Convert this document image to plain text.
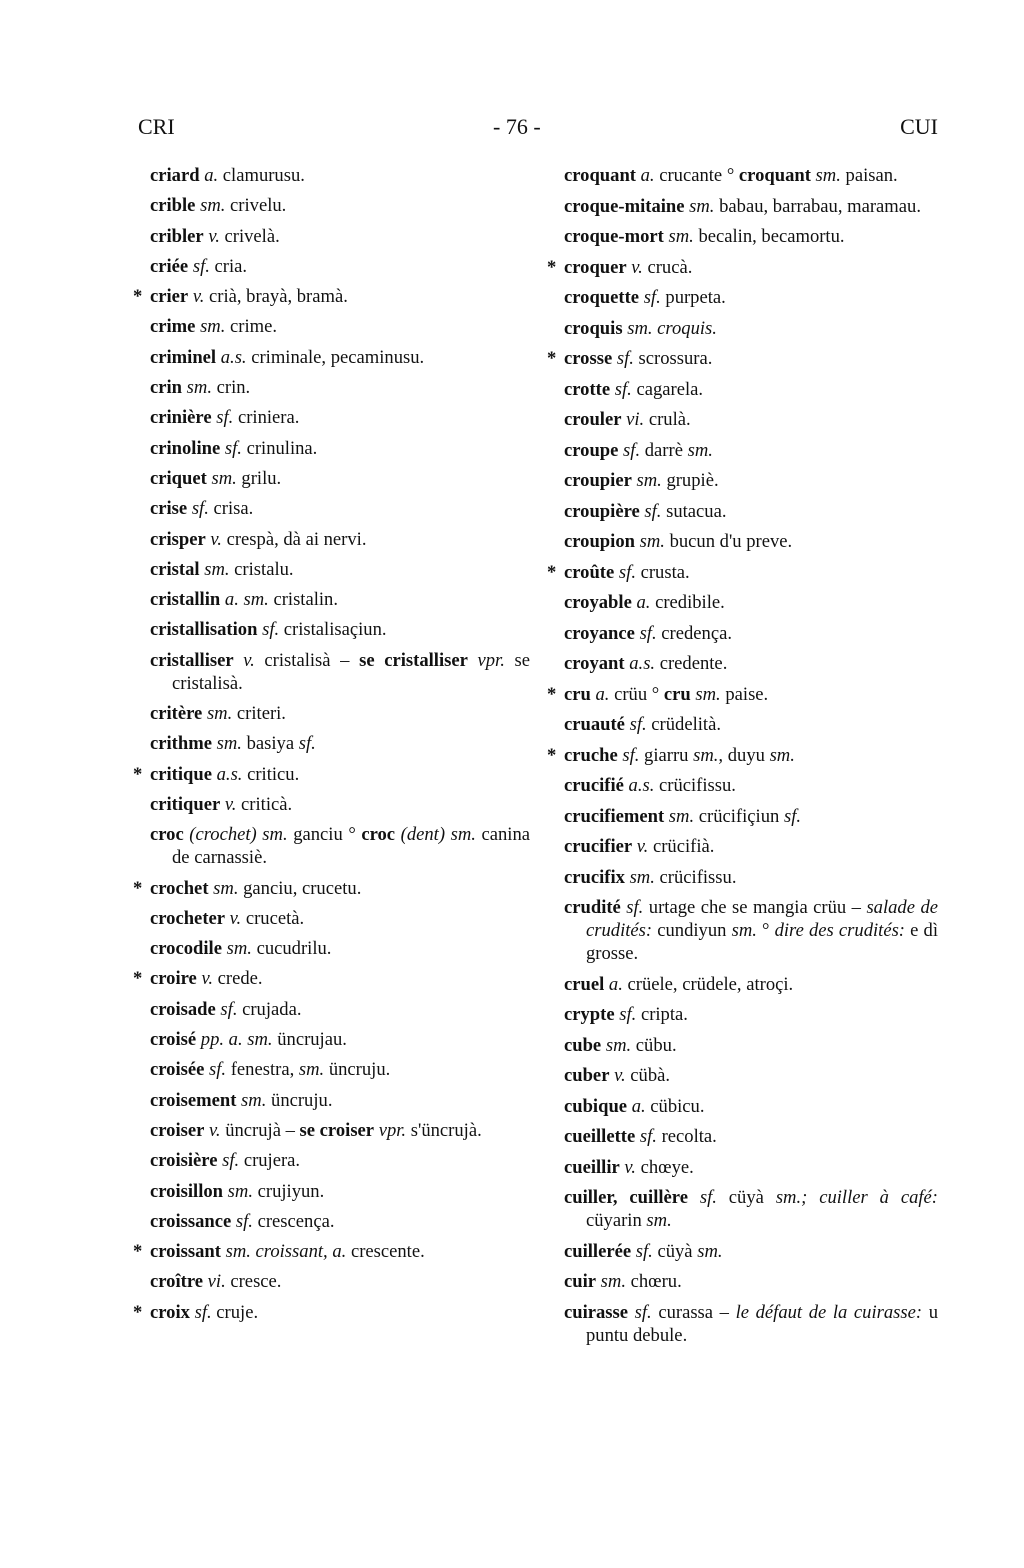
CRI	- 76 -	CUI
criard a. clamurusu.
crible sm. crivelu.
cribler v. crivelà.
criée sf. cria.
* crier v. crià, brayà, bramà.
crime sm. crime.
criminel a.s. criminale, pecaminusu.
crin sm. crin.
crinière sf. criniera.
crinoline sf. crinulina.
criquet sm. grilu.
crise sf. crisa.
crisper v. crespà, dà ai nervi.
cristal sm. cristalu.
cristallin a. sm. cristalin.
cristallisation sf. cristalisaçiun.
cristalliser v. cristalisà – se cristalliser vpr. se cristalisà.
critère sm. criteri.
crithme sm. basiya sf.
* critique a.s. criticu.
critiquer v. criticà.
croc (crochet) sm. ganciu ° croc (dent) sm. canina de carnassiè.
* crochet sm. ganciu, crucetu.
crocheter v. crucetà.
crocodile sm. cucudrilu.
* croire v. crede.
croisade sf. crujada.
croisé pp. a. sm. üncrujau.
croisée sf. fenestra, sm. üncruju.
croisement sm. üncruju.
croiser v. üncrujà – se croiser vpr. s'üncrujà.
croisière sf. crujera.
croisillon sm. crujiyun.
croissance sf. crescença.
* croissant sm. croissant, a. crescente.
croître vi. cresce.
* croix sf. cruje.
croquant a. crucante ° croquant sm. paisan.
croque-mitaine sm. babau, barrabau, maramau.
croque-mort sm. becalin, becamortu.
* croquer v. crucà.
croquette sf. purpeta.
croquis sm. croquis.
* crosse sf. scrossura.
crotte sf. cagarela.
crouler vi. crulà.
croupe sf. darrè sm.
croupier sm. grupiè.
croupière sf. sutacua.
croupion sm. bucun d'u preve.
* croûte sf. crusta.
croyable a. credibile.
croyance sf. credença.
croyant a.s. credente.
* cru a. crüu ° cru sm. paise.
cruauté sf. crüdelità.
* cruche sf. giarru sm., duyu sm.
crucifié a.s. crücifissu.
crucifiement sm. crücifiçiun sf.
crucifier v. crücifià.
crucifix sm. crücifissu.
crudité sf. urtage che se mangia crüu – salade de crudités: cundiyun sm. ° dire des crudités: e dì grosse.
cruel a. crüele, crüdele, atroçi.
crypte sf. cripta.
cube sm. cübu.
cuber v. cübà.
cubique a. cübicu.
cueillette sf. recolta.
cueillir v. chœye.
cuiller, cuillère sf. cüyà sm.; cuiller à café: cüyarin sm.
cuillerée sf. cüyà sm.
cuir sm. chœru.
cuirasse sf. curassa – le défaut de la cuirasse: u puntu debule.
